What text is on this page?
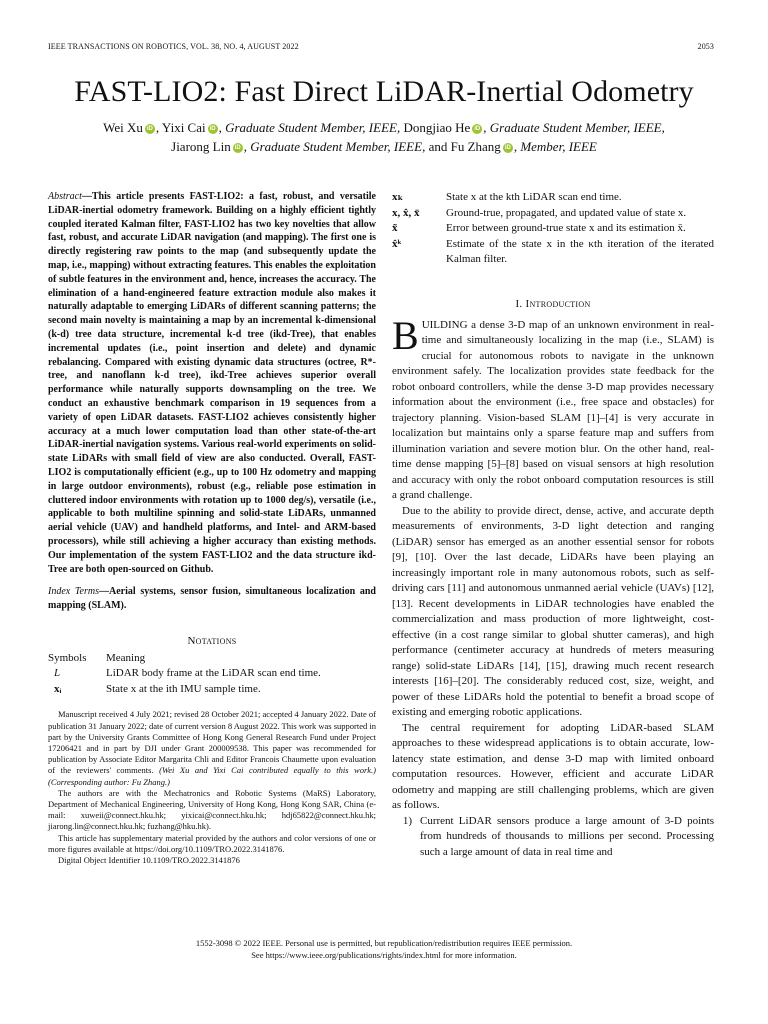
IEEE TRANSACTIONS ON ROBOTICS, VOL. 38, NO. 4, AUGUST 2022	2053
FAST-LIO2: Fast Direct LiDAR-Inertial Odometry
Wei Xu iD , Yixi Cai iD , Graduate Student Member, IEEE, Dongjiao He iD , Graduate Student Member, IEEE,
Jiarong Lin iD , Graduate Student Member, IEEE, and Fu Zhang iD , Member, IEEE
Abstract—This article presents FAST-LIO2: a fast, robust, and versatile LiDAR-inertial odometry framework. Building on a highly efficient tightly coupled iterated Kalman filter, FAST-LIO2 has two key novelties that allow fast, robust, and accurate LiDAR navigation (and mapping). The first one is directly registering raw points to the map (and subsequently update the map, i.e., mapping) without extracting features. This enables the exploitation of subtle features in the environment and, hence, increases the accuracy. The elimination of a hand-engineered feature extraction module also makes it naturally adaptable to emerging LiDARs of different scanning patterns; the second main novelty is maintaining a map by an incremental k-dimensional (k-d) tree data structure, incremental k-d tree (ikd-Tree), that enables incremental updates (i.e., point insertion and delete) and dynamic rebalancing. Compared with existing dynamic data structures (octree, R*-tree, and nanoflann k-d tree), ikd-Tree achieves superior overall performance while naturally supports downsampling on the tree. We conduct an exhaustive benchmark comparison in 19 sequences from a variety of open LiDAR datasets. FAST-LIO2 achieves consistently higher accuracy at a much lower computation load than other state-of-the-art LiDAR-inertial navigation systems. Various real-world experiments on solid-state LiDARs with small field of view are also conducted. Overall, FAST-LIO2 is computationally efficient (e.g., up to 100 Hz odometry and mapping in large outdoor environments), robust (e.g., reliable pose estimation in cluttered indoor environments with rotation up to 1000 deg/s), versatile (i.e., applicable to both multiline spinning and solid-state LiDARs, unmanned aerial vehicle (UAV) and handheld platforms, and Intel- and ARM-based processors), while still achieving a higher accuracy than existing methods. Our implementation of the system FAST-LIO2 and the data structure ikd-Tree are both open-sourced on Github.
Index Terms—Aerial systems, sensor fusion, simultaneous localization and mapping (SLAM).
Notations
Symbols	Meaning
L	LiDAR body frame at the LiDAR scan end time.
xᵢ	State x at the ith IMU sample time.

Manuscript received 4 July 2021; revised 28 October 2021; accepted 4 January 2022. Date of publication 31 January 2022; date of current version 8 August 2022. This work was supported in part by the University Grants Committee of Hong Kong General Research Fund under Project 17206421 and in part by DJI under Grant 200009538. This paper was recommended for publication by Associate Editor Margarita Chli and Editor Francois Chaumette upon evaluation of the reviewers' comments. (Wei Xu and Yixi Cai contributed equally to this work.) (Corresponding author: Fu Zhang.)

The authors are with the Mechatronics and Robotic Systems (MaRS) Laboratory, Department of Mechanical Engineering, University of Hong Kong, Hong Kong SAR, China (e-mail: xuweii@connect.hku.hk; yixicai@connect.hku.hk; hdj65822@connect.hku.hk; jiarong.lin@connect.hku.hk; fuzhang@hku.hk).

This article has supplementary material provided by the authors and color versions of one or more figures available at https://doi.org/10.1109/TRO.2022.3141876.

Digital Object Identifier 10.1109/TRO.2022.3141876

xₖ	State x at the kth LiDAR scan end time.
x, x̂, x̄	Ground-true, propagated, and updated value of state x.
x̃	Error between ground-true state x and its estimation x̄.
x̂ᵏ	Estimate of the state x in the κth iteration of the iterated Kalman filter.
I. Introduction

BUILDING a dense 3-D map of an unknown environment in real-time and simultaneously localizing in the map (i.e., SLAM) is crucial for autonomous robots to navigate in the unknown environment safely. The localization provides state feedback for the robot onboard controllers, while the dense 3-D map provides necessary information about the environment (i.e., free space and obstacles) for trajectory planning. Vision-based SLAM [1]–[4] is very accurate in localization but maintains only a sparse feature map and suffers from illumination variation and severe motion blur. On the other hand, real-time dense mapping [5]–[8] based on visual sensors at high resolution and accuracy with only the robot onboard computation resources is still a grand challenge.

Due to the ability to provide direct, dense, active, and accurate depth measurements of environments, 3-D light detection and ranging (LiDAR) sensor has emerged as an another essential sensor for robots [9], [10]. Over the last decade, LiDARs have been playing an increasingly important role in many autonomous robots, such as self-driving cars [11] and autonomous unmanned aerial vehicle (UAVs) [12], [13]. Recent developments in LiDAR technologies have enabled the commercialization and mass production of more lightweight, cost-effective (in a cost range similar to global shutter cameras), and high performance (centimeter accuracy at hundreds of meters measuring range) solid-state LiDARs [14], [15], drawing much recent research interests [16]–[20]. The considerably reduced cost, size, weight, and power of these LiDARs hold the potential to benefit a broad scope of existing and emerging robotic applications.

The central requirement for adopting LiDAR-based SLAM approaches to these widespread applications is to obtain accurate, low-latency state estimation, and dense 3-D map with limited onboard computation resources. However, efficient and accurate LiDAR odometry and mapping are still challenging problems, which are given as follows.

1) Current LiDAR sensors produce a large amount of 3-D points from hundreds of thousands to millions per second. Processing such a large amount of data in real time and
1552-3098 © 2022 IEEE. Personal use is permitted, but republication/redistribution requires IEEE permission.
See https://www.ieee.org/publications/rights/index.html for more information.
